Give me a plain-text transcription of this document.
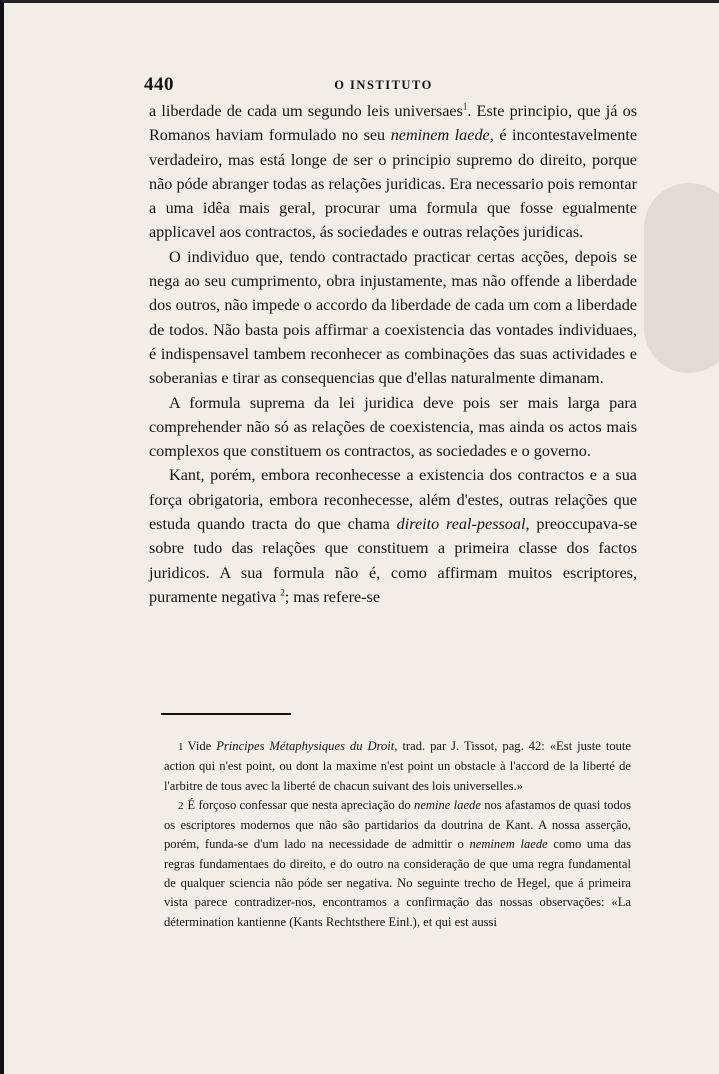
440	O INSTITUTO

a liberdade de cada um segundo leis universaes$^1$. Este principio, que já os Romanos haviam formulado no seu neminem laede, é incontestavelmente verdadeiro, mas está longe de ser o principio supremo do direito, porque não póde abranger todas as relações juridicas. Era necessario pois remontar a uma idêa mais geral, procurar uma formula que fosse egualmente applicavel aos contractos, ás sociedades e outras relações juridicas.

O individuo que, tendo contractado practicar certas acções, depois se nega ao seu cumprimento, obra injustamente, mas não offende a liberdade dos outros, não impede o accordo da liberdade de cada um com a liberdade de todos. Não basta pois affirmar a coexistencia das vontades individuaes, é indispensavel tambem reconhecer as combinações das suas actividades e soberanias e tirar as consequencias que d'ellas naturalmente dimanam.

A formula suprema da lei juridica deve pois ser mais larga para comprehender não só as relações de coexistencia, mas ainda os actos mais complexos que constituem os contractos, as sociedades e o governo.

Kant, porém, embora reconhecesse a existencia dos contractos e a sua força obrigatoria, embora reconhecesse, além d'estes, outras relações que estuda quando tracta do que chama direito real-pessoal, preoccupava-se sobre tudo das relações que constituem a primeira classe dos factos juridicos. A sua formula não é, como affirmam muitos escriptores, puramente negativa $^2$; mas refere-se

1 Vide Principes Métaphysiques du Droit, trad. par J. Tissot, pag. 42: «Est juste toute action qui n'est point, ou dont la maxime n'est point un obstacle à l'accord de la liberté de l'arbitre de tous avec la liberté de chacun suivant des lois universelles.»

2 É forçoso confessar que nesta apreciação do nemine laede nos afastamos de quasi todos os escriptores modernos que não são partidarios da doutrina de Kant. A nossa asserção, porém, funda-se d'um lado na necessidade de admittir o neminem laede como uma das regras fundamentaes do direito, e do outro na consideração de que uma regra fundamental de qualquer sciencia não póde ser negativa. No seguinte trecho de Hegel, que á primeira vista parece contradizer-nos, encontramos a confirmação das nossas observações: «La détermination kantienne (Kants Rechtsthere Einl.), et qui est aussi
